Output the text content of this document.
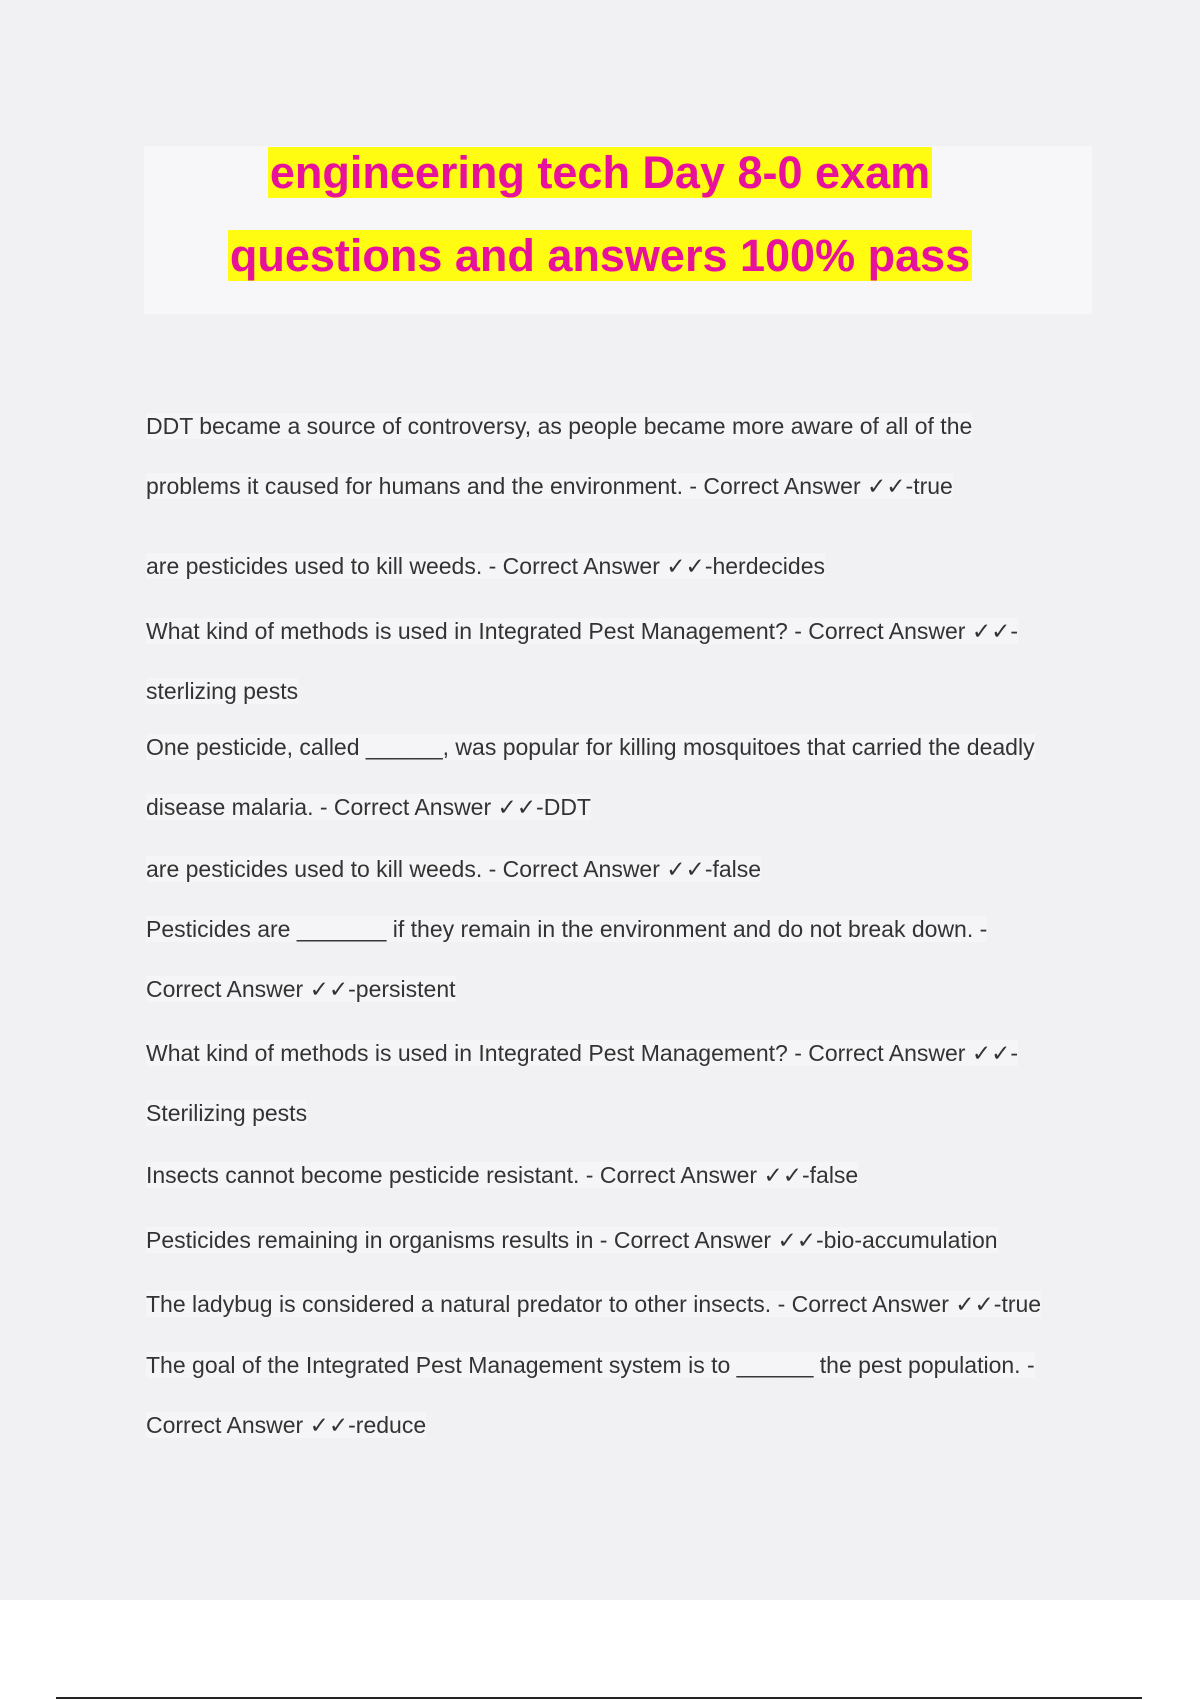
engineering tech Day 8-0 exam
questions and answers 100% pass
DDT became a source of controversy, as people became more aware of all of the
problems it caused for humans and the environment. - Correct Answer ✓✓-true
are pesticides used to kill weeds. - Correct Answer ✓✓-herdecides
What kind of methods is used in Integrated Pest Management? - Correct Answer ✓✓-
sterlizing pests
One pesticide, called ______, was popular for killing mosquitoes that carried the deadly
disease malaria. - Correct Answer ✓✓-DDT
are pesticides used to kill weeds. - Correct Answer ✓✓-false
Pesticides are _______ if they remain in the environment and do not break down. -
Correct Answer ✓✓-persistent
What kind of methods is used in Integrated Pest Management? - Correct Answer ✓✓-
Sterilizing pests
Insects cannot become pesticide resistant. - Correct Answer ✓✓-false
Pesticides remaining in organisms results in - Correct Answer ✓✓-bio-accumulation
The ladybug is considered a natural predator to other insects. - Correct Answer ✓✓-true
The goal of the Integrated Pest Management system is to ______ the pest population. -
Correct Answer ✓✓-reduce
